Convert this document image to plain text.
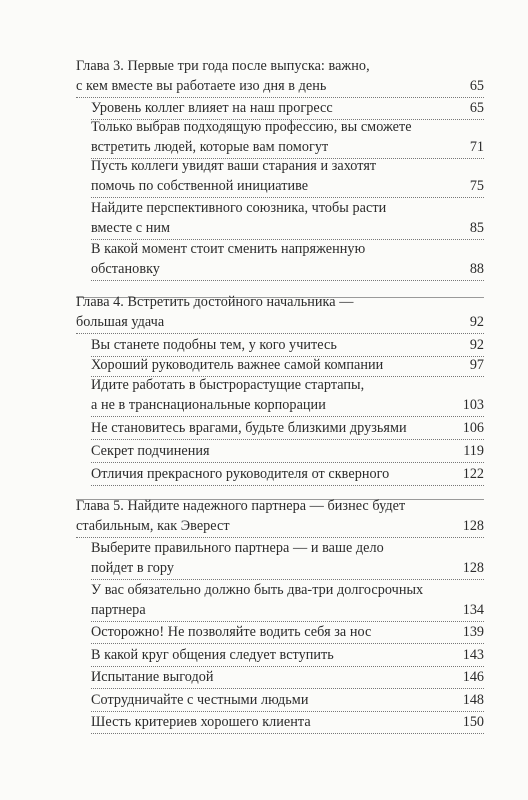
Глава 3. Первые три года после выпуска: важно,
с кем вместе вы работаете изо дня в день	65
Уровень коллег влияет на наш прогресс	65
Только выбрав подходящую профессию, вы сможете
встретить людей, которые вам помогут	71
Пусть коллеги увидят ваши старания и захотят
помочь по собственной инициативе	75
Найдите перспективного союзника, чтобы расти
вместе с ним	85
В какой момент стоит сменить напряженную
обстановку	88
Глава 4. Встретить достойного начальника —
большая удача	92
Вы станете подобны тем, у кого учитесь	92
Хороший руководитель важнее самой компании	97
Идите работать в быстрорастущие стартапы,
а не в транснациональные корпорации	103
Не становитесь врагами, будьте близкими друзьями	106
Секрет подчинения	119
Отличия прекрасного руководителя от скверного	122
Глава 5. Найдите надежного партнера — бизнес будет
стабильным, как Эверест	128
Выберите правильного партнера — и ваше дело
пойдет в гору	128
У вас обязательно должно быть два-три долгосрочных
партнера	134
Осторожно! Не позволяйте водить себя за нос	139
В какой круг общения следует вступить	143
Испытание выгодой	146
Сотрудничайте с честными людьми	148
Шесть критериев хорошего клиента	150
